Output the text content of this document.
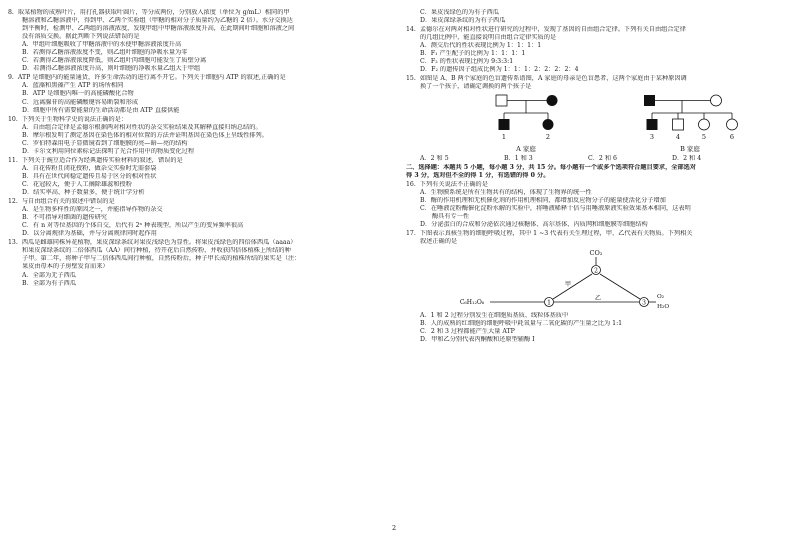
8. 取某植物的成熟叶片，用打孔器获取叶圆片，等分成两份，分别放入浓度（单位为 g/mL）相同的甲
糖溶液和乙糖溶液中，得到甲、乙两个实验组（甲糖的相对分子质量约为乙糖的 2 倍）。水分交换达
到平衡时，检测甲、乙两组的溶液浓度，发现甲组中甲糖溶液浓度升高，在此期间叶细胞和溶液之间
没有溶质交换。据此判断下列说法错误的是
A．甲组叶细胞吸收了甲糖溶液中的水使甲糖溶液浓度升高
B．若测得乙糖溶液浓度不变，则乙组叶细胞的净吸水量为零
C．若测得乙糖溶液浓度降低，则乙组叶肉细胞可能发生了质壁分离
D．若测得乙糖溶液浓度升高，则叶细胞的净吸水量乙组大于甲组
9. ATP 是细胞内的能量通货，许多生命活动的进行离不开它。下列关于细胞内 ATP 的叙述,正确的是
A．蓝藻和黑藻产生 ATP 的场所相同
B．ATP 是细胞内唯一的高能磷酸化合物
C．远离腺苷的高能磷酸键容易断裂和形成
D．细胞中所有需要能量的生命活动都是由 ATP 直接供能
10. 下列关于生物科学史的说法正确的是：
A．自由组合定律是孟德尔根据两对相对性状的杂交实验结果及其解释直接归纳总结的。
B．摩尔根发明了测定基因在染色体的相对位置的方法并证明基因在染色体上呈线性排列。
C．罗伯特森用电子显微镜看到了细胞膜的亮—暗—亮的结构
D．卡尔文利用同位素标记法探明了光合作用中的物质变化过程
11. 下列关于豌豆适合作为经典遗传实验材料的叙述，错误的是
A．自花传粉且闭花授粉，做杂交实验时无需套袋
B．具有在世代间稳定遗传且易于区分的相对性状
C．花冠较大，便于人工摘除雄蕊和授粉
D．结实率高、种子数量多，便于统计学分析
12. 与自由组合有关的叙述中错误的是
A．是生物多样性的原因之一，并能指导作物的杂交
B．不可指导对细菌的遗传研究
C．有 n 对等位基因的个体自交，后代有 2ⁿ 种表现型，所以产生的变异频率很高
D．以分离规律为基础，并与分离规律同时起作用
13. 西瓜是雌雄同株异花植物，果皮深绿条纹对果皮浅绿色为显性。将果皮浅绿色的四倍体西瓜（aaaa）
和果皮深绿条纹的二倍体西瓜（AA）间行种植，待开花后自然传粉，并收获四倍体植株上所结的种
子甲。第二年，将种子甲与二倍体西瓜间行种植，自然传粉后，种子甲长成的植株所结的果实是（注：
果皮由母本的子房壁发育而来）
A．全部为无子西瓜
B．全部为有子西瓜
C．果皮浅绿色的为有子西瓜
D．果皮深绿条纹的为有子西瓜
14. 孟德尔在对两对相对性状进行研究的过程中，发现了基因的自由组合定律。下列有关自由组合定律
的几组比例中，能直接说明自由组合定律实质的是
A．测交后代的性状表现比例为 1：1：1：1
B．F₁ 产生配子的比例为 1：1：1：1
C．F₂ 的性状表现比例为 9:3:3:1
D．F₂ 的遗传因子组成比例为 1：1：1：2：2：2：2：4
15. 如图是 A、B 两个家庭的色盲遗传系谱图，A 家庭的母亲是色盲患者，这两个家庭由于某种原因调
换了一个孩子，请确定调换的两个孩子是
1	2	3	4	5	6
A 家庭	B 家庭
A．2 和 5	B．1 和 3	C．2 和 6	D．2 和 4
二、选择题：本题共 5 小题，每小题 3 分，共 15 分。每小题有一个或多个选项符合题目要求，全部选对
得 3 分，选对但不全的得 1 分，有选错的得 0 分。
16. 下列有关说法不正确的是
A．生物膜系统是所有生物共有的结构，体现了生物界的统一性
B．酶的作用机理和无机催化剂的作用机理相同，都增加反应物分子的能量使活化分子增加
C．在唾液淀粉酶催化淀粉水解的实验中，将唾液稀释十倍与用唾液原液实验效果基本相同，这表明
酶具有专一性
D．分泌蛋白的合成和分泌依次通过核糖体、高尔基体、内质网和细胞膜等细胞结构
17. 下图表示真核生物的细胞呼吸过程，其中 1 ~3 代表有关生理过程，甲、乙代表有关物质。下列相关
叙述正确的是
CO₂
2
C₆H₁₂O₆	1
甲
乙
3
O₂
H₂O
A．1 和 2 过程分别发生在细胞质基质、线粒体基质中
B．人的成熟的红细胞的细胞呼吸中耗氧量与二氧化碳的产生量之比为 1:1
C．2 和 3 过程都能产生大量 ATP
D．甲和乙分别代表丙酮酸和还原型辅酶 I
2
